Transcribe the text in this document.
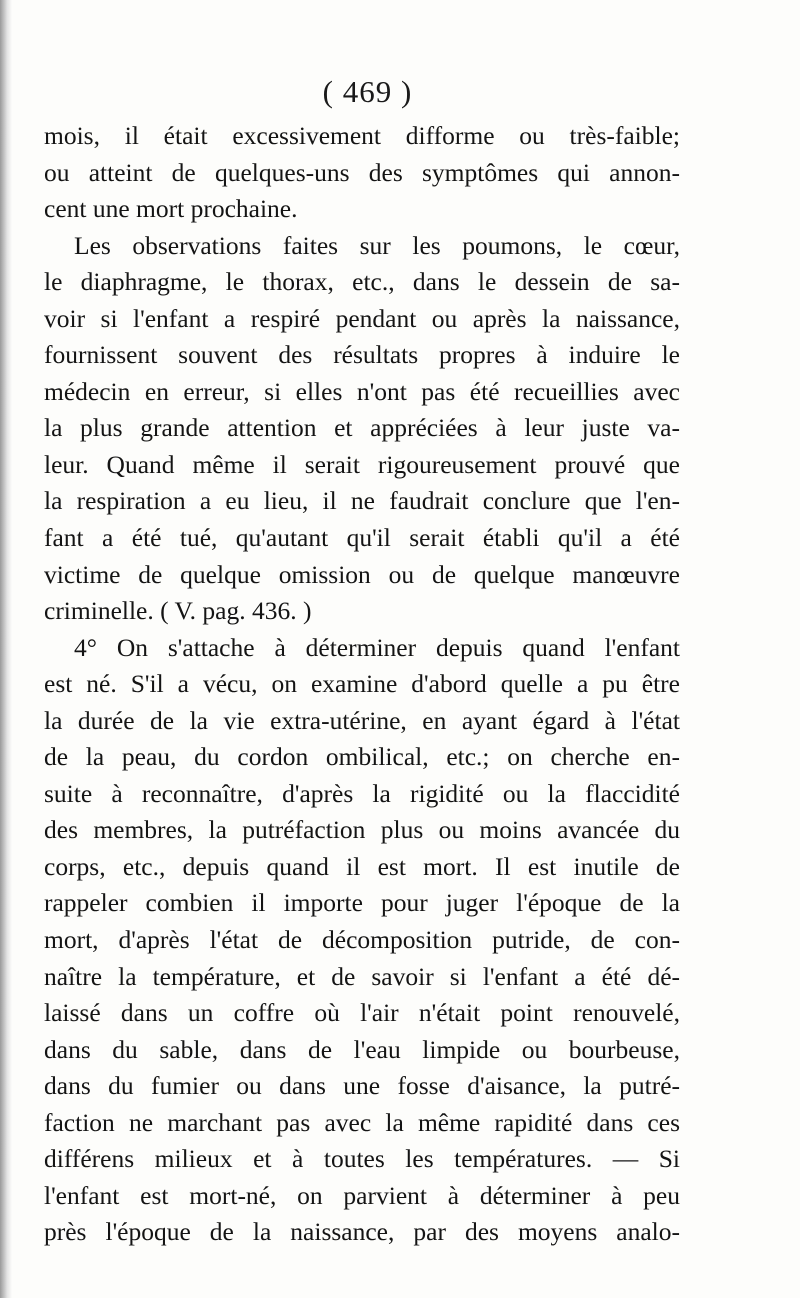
( 469 )
mois, il était excessivement difforme ou très-faible;
ou atteint de quelques-uns des symptômes qui annon-
cent une mort prochaine.
Les observations faites sur les poumons, le cœur,
le diaphragme, le thorax, etc., dans le dessein de sa-
voir si l'enfant a respiré pendant ou après la naissance,
fournissent souvent des résultats propres à induire le
médecin en erreur, si elles n'ont pas été recueillies avec
la plus grande attention et appréciées à leur juste va-
leur. Quand même il serait rigoureusement prouvé que
la respiration a eu lieu, il ne faudrait conclure que l'en-
fant a été tué, qu'autant qu'il serait établi qu'il a été
victime de quelque omission ou de quelque manœuvre
criminelle. ( V. pag. 436. )
4° On s'attache à déterminer depuis quand l'enfant
est né. S'il a vécu, on examine d'abord quelle a pu être
la durée de la vie extra-utérine, en ayant égard à l'état
de la peau, du cordon ombilical, etc.; on cherche en-
suite à reconnaître, d'après la rigidité ou la flaccidité
des membres, la putréfaction plus ou moins avancée du
corps, etc., depuis quand il est mort. Il est inutile de
rappeler combien il importe pour juger l'époque de la
mort, d'après l'état de décomposition putride, de con-
naître la température, et de savoir si l'enfant a été dé-
laissé dans un coffre où l'air n'était point renouvelé,
dans du sable, dans de l'eau limpide ou bourbeuse,
dans du fumier ou dans une fosse d'aisance, la putré-
faction ne marchant pas avec la même rapidité dans ces
différens milieux et à toutes les températures. — Si
l'enfant est mort-né, on parvient à déterminer à peu
près l'époque de la naissance, par des moyens analo-
